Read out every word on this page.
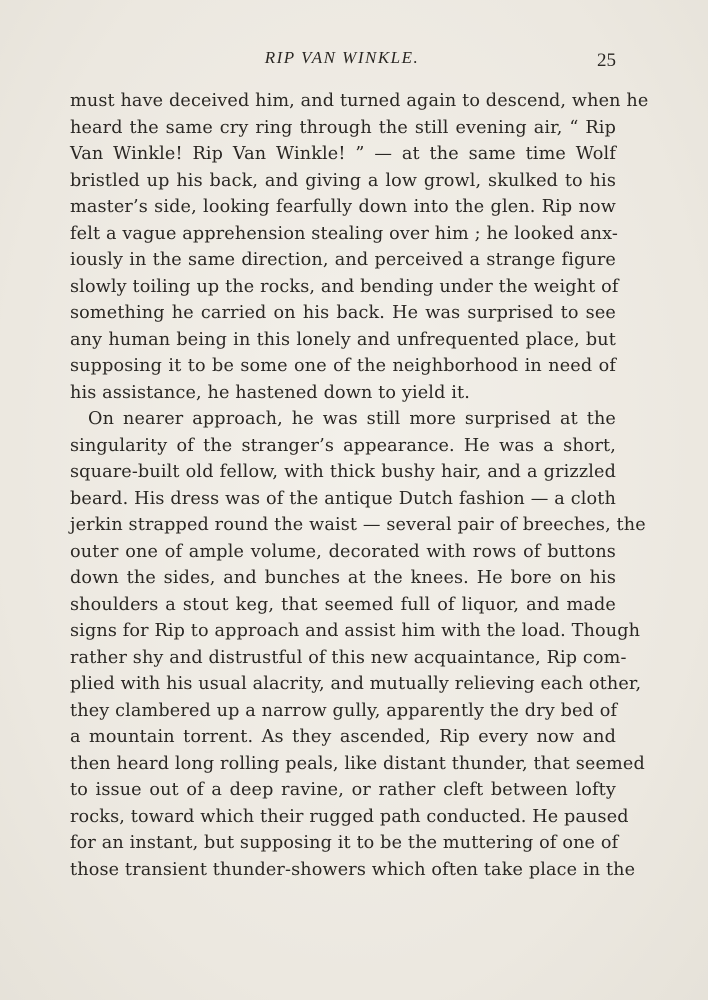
RIP VAN WINKLE.	25
must have deceived him, and turned again to descend, when he
heard the same cry ring through the still evening air, “ Rip
Van Winkle! Rip Van Winkle! ” — at the same time Wolf
bristled up his back, and giving a low growl, skulked to his
master’s side, looking fearfully down into the glen. Rip now
felt a vague apprehension stealing over him ; he looked anx-
iously in the same direction, and perceived a strange figure
slowly toiling up the rocks, and bending under the weight of
something he carried on his back. He was surprised to see
any human being in this lonely and unfrequented place, but
supposing it to be some one of the neighborhood in need of
his assistance, he hastened down to yield it.
On nearer approach, he was still more surprised at the
singularity of the stranger’s appearance. He was a short,
square-built old fellow, with thick bushy hair, and a grizzled
beard. His dress was of the antique Dutch fashion — a cloth
jerkin strapped round the waist — several pair of breeches, the
outer one of ample volume, decorated with rows of buttons
down the sides, and bunches at the knees. He bore on his
shoulders a stout keg, that seemed full of liquor, and made
signs for Rip to approach and assist him with the load. Though
rather shy and distrustful of this new acquaintance, Rip com-
plied with his usual alacrity, and mutually relieving each other,
they clambered up a narrow gully, apparently the dry bed of
a mountain torrent. As they ascended, Rip every now and
then heard long rolling peals, like distant thunder, that seemed
to issue out of a deep ravine, or rather cleft between lofty
rocks, toward which their rugged path conducted. He paused
for an instant, but supposing it to be the muttering of one of
those transient thunder-showers which often take place in the
